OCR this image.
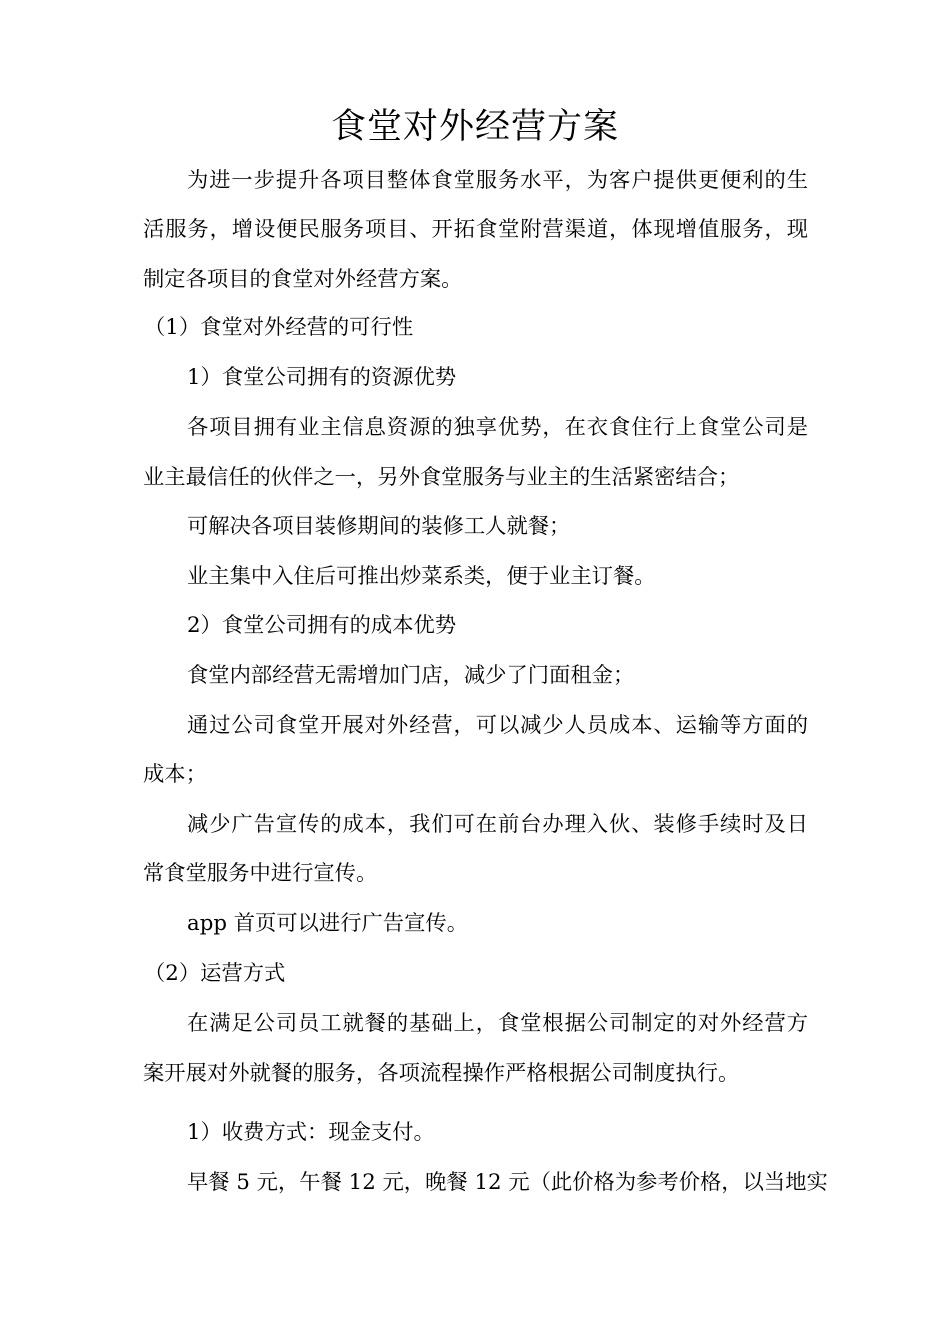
食堂对外经营方案
为进一步提升各项目整体食堂服务水平，为客户提供更便利的生
活服务，增设便民服务项目、开拓食堂附营渠道，体现增值服务，现
制定各项目的食堂对外经营方案。
（1）食堂对外经营的可行性
1）食堂公司拥有的资源优势
各项目拥有业主信息资源的独享优势，在衣食住行上食堂公司是
业主最信任的伙伴之一，另外食堂服务与业主的生活紧密结合；
可解决各项目装修期间的装修工人就餐；
业主集中入住后可推出炒菜系类，便于业主订餐。
2）食堂公司拥有的成本优势
食堂内部经营无需增加门店，减少了门面租金；
通过公司食堂开展对外经营，可以减少人员成本、运输等方面的
成本；
减少广告宣传的成本，我们可在前台办理入伙、装修手续时及日
常食堂服务中进行宣传。
app 首页可以进行广告宣传。
（2）运营方式
在满足公司员工就餐的基础上，食堂根据公司制定的对外经营方
案开展对外就餐的服务，各项流程操作严格根据公司制度执行。
1）收费方式：现金支付。
早餐 5 元，午餐 12 元，晚餐 12 元（此价格为参考价格，以当地实
